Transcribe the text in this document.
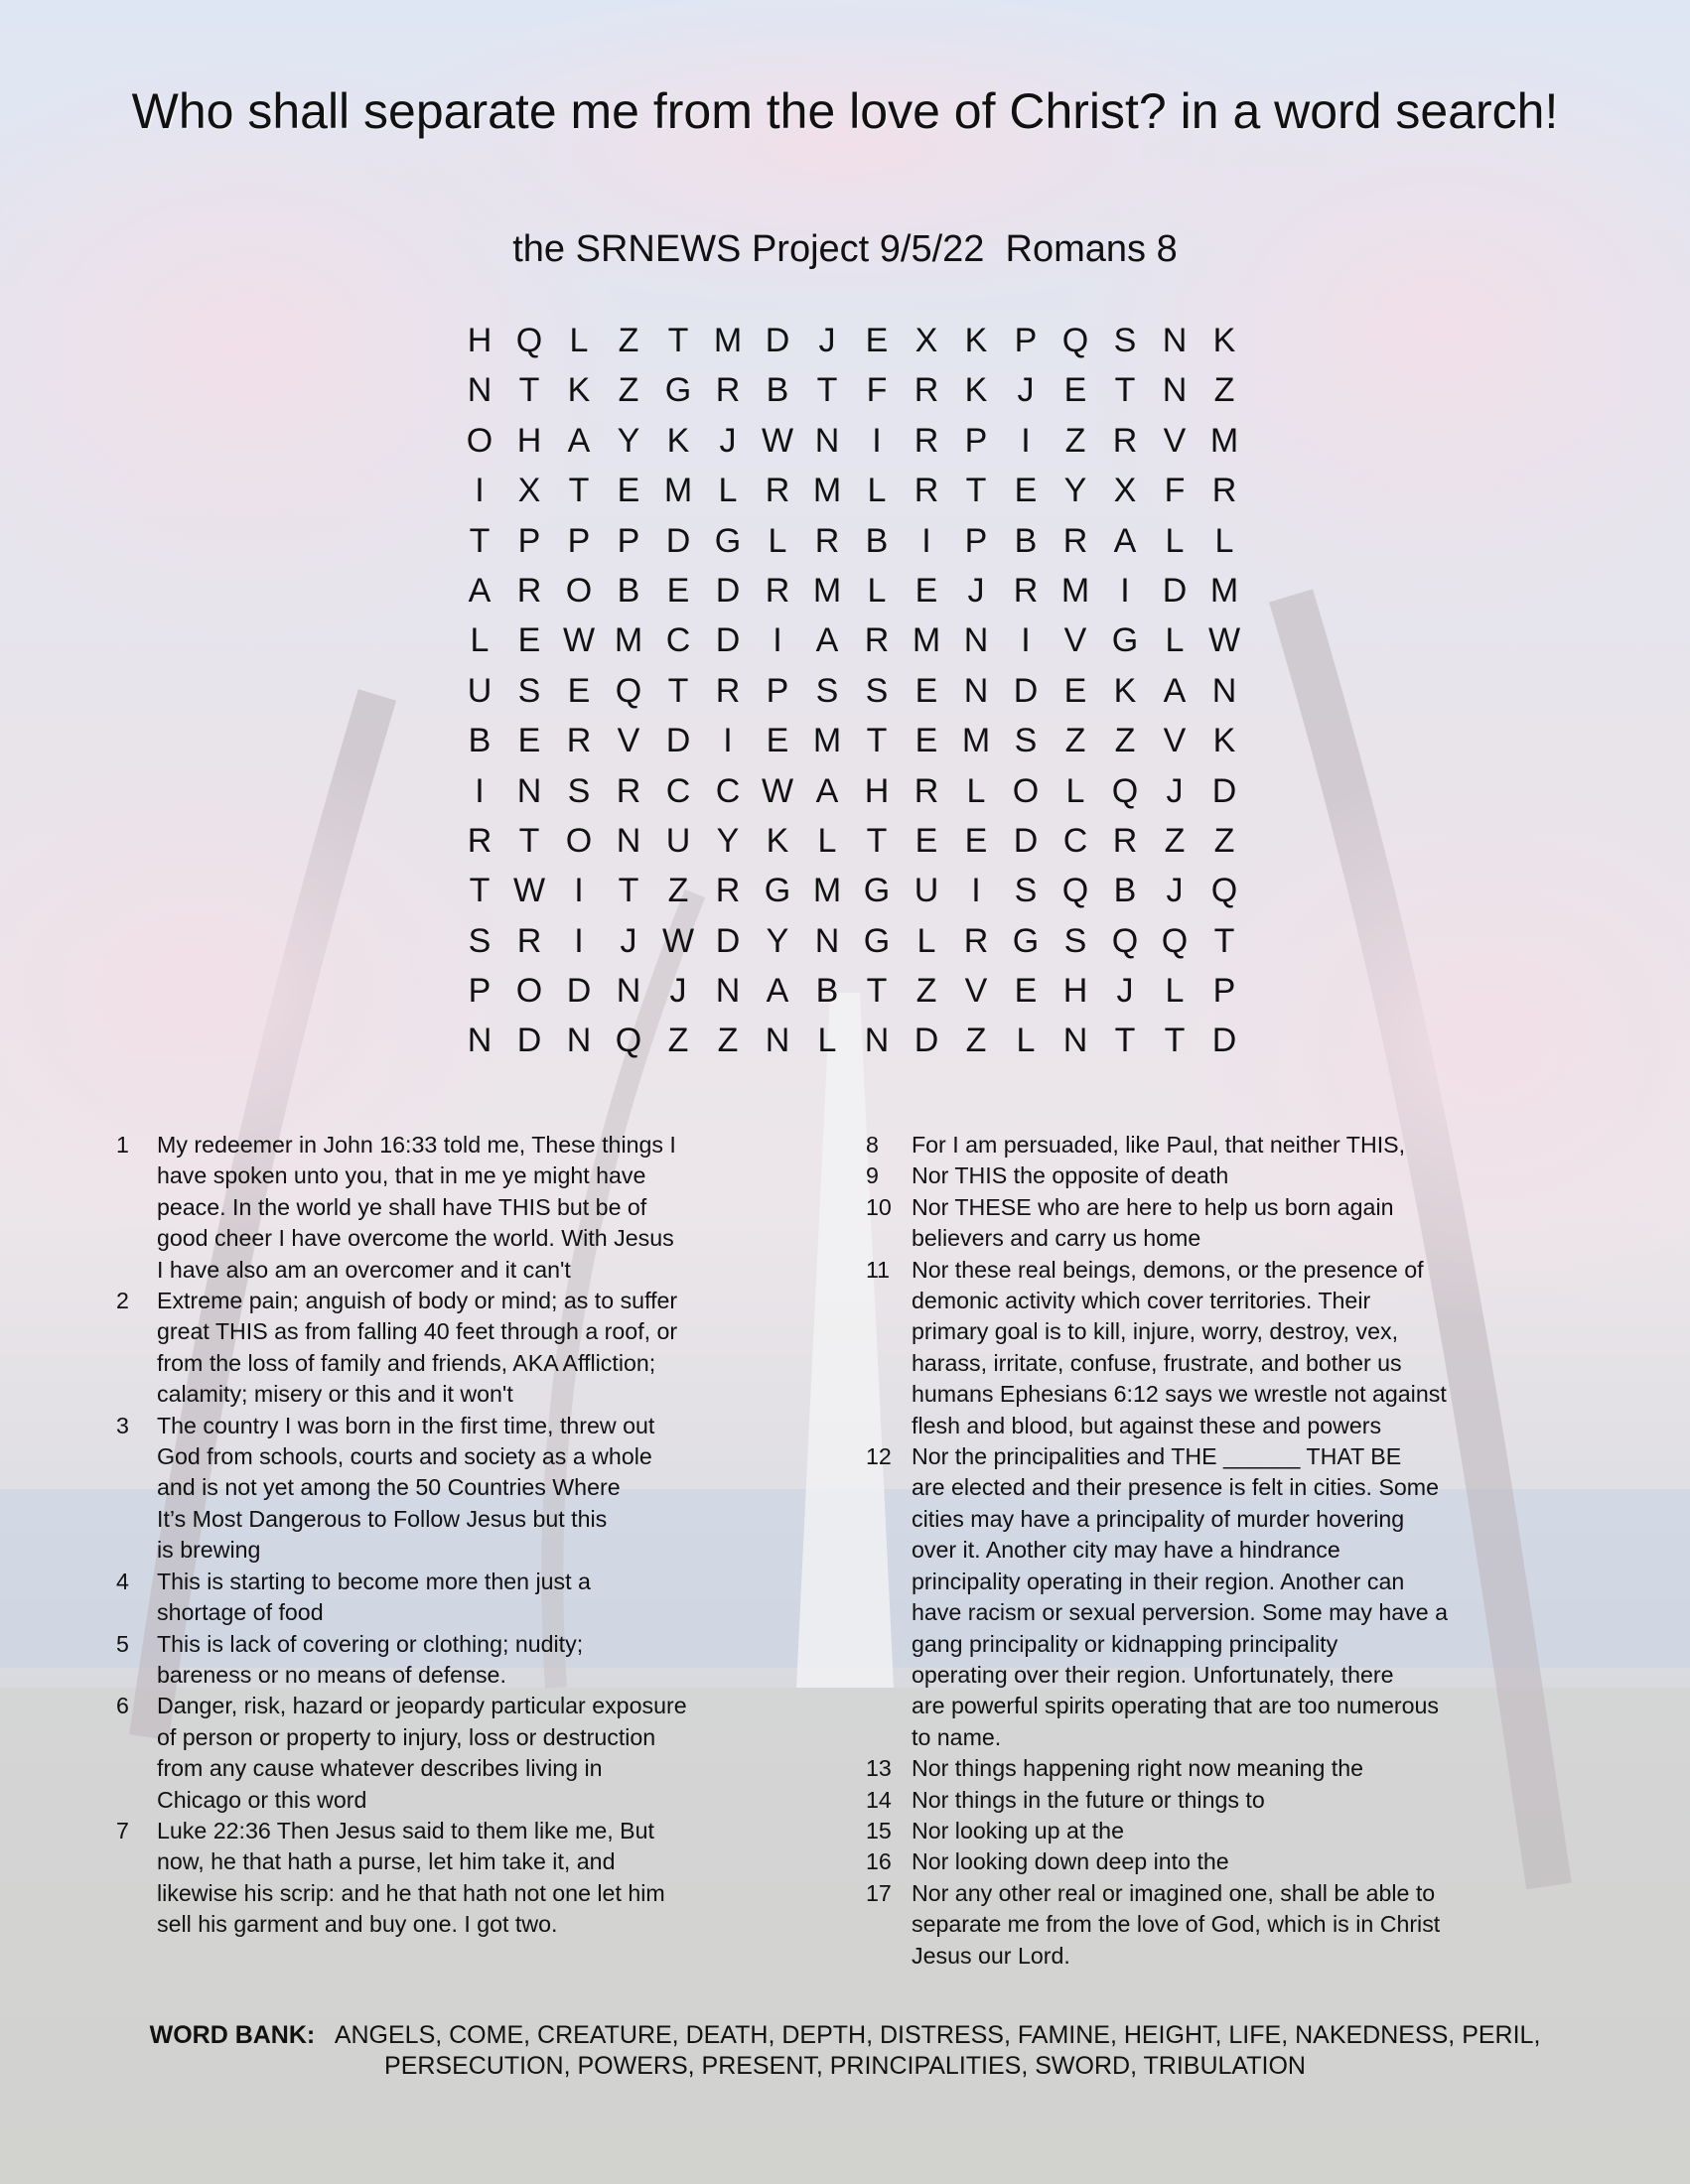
Who shall separate me from the love of Christ? in a word search!
the SRNEWS Project 9/5/22  Romans 8
H Q L Z T M D J E X K P Q S N K
N T K Z G R B T F R K J E T N Z
O H A Y K J W N I R P I	Z R V M
I X T E M L R M L R T E Y X F R
T P P P D G L R B I P B R A L L
A R O B E D R M L E J R M I D M
L E W M C D I A R M N I V G L W
U S E Q T R P S S E N D E K A N
B E R V D I E M T E M S Z Z V K
I N S R C C W A H R L O L Q J D
R T O N U Y K L T E E D C R Z Z
T W I	T Z R G M G U I S Q B J Q
S R I	J W D Y N G L R G S Q Q T
P O D N J N A B T Z V E H J L P
N D N Q Z Z N L N D Z L N T T D
1	My redeemer in John 16:33 told me, These things I
have spoken unto you, that in me ye might have
peace. In the world ye shall have THIS but be of
good cheer I have overcome the world. With Jesus
I have also am an overcomer and it can't
2	Extreme pain; anguish of body or mind; as to suffer
great THIS as from falling 40 feet through a roof, or
from the loss of family and friends, AKA Affliction;
calamity; misery or this and it won't
3	The country I was born in the first time, threw out
God from schools, courts and society as a whole
and is not yet among the 50 Countries Where
It’s Most Dangerous to Follow Jesus but this
is brewing
4	This is starting to become more then just a
shortage of food
5	This is lack of covering or clothing; nudity;
bareness or no means of defense.
6	Danger, risk, hazard or jeopardy particular exposure
of person or property to injury, loss or destruction
from any cause whatever describes living in
Chicago or this word
7	Luke 22:36 Then Jesus said to them like me, But
now, he that hath a purse, let him take it, and
likewise his scrip: and he that hath not one let him
sell his garment and buy one. I got two.
8	For I am persuaded, like Paul, that neither THIS,
9	Nor THIS the opposite of death
10 Nor THESE who are here to help us born again
believers and carry us home
11 Nor these real beings, demons, or the presence of
demonic activity which cover territories. Their
primary goal is to kill, injure, worry, destroy, vex,
harass, irritate, confuse, frustrate, and bother us
humans Ephesians 6:12 says we wrestle not against
flesh and blood, but against these and powers
12 Nor the principalities and THE ______ THAT BE
are elected and their presence is felt in cities. Some
cities may have a principality of murder hovering
over it. Another city may have a hindrance
principality operating in their region. Another can
have racism or sexual perversion. Some may have a
gang principality or kidnapping principality
operating over their region. Unfortunately, there
are powerful spirits operating that are too numerous
to name.
13 Nor things happening right now meaning the
14 Nor things in the future or things to
15 Nor looking up at the
16 Nor looking down deep into the
17 Nor any other real or imagined one, shall be able to
separate me from the love of God, which is in Christ
Jesus our Lord.
WORD BANK: ANGELS, COME, CREATURE, DEATH, DEPTH, DISTRESS, FAMINE, HEIGHT, LIFE, NAKEDNESS, PERIL, PERSECUTION, POWERS, PRESENT, PRINCIPALITIES, SWORD, TRIBULATION
